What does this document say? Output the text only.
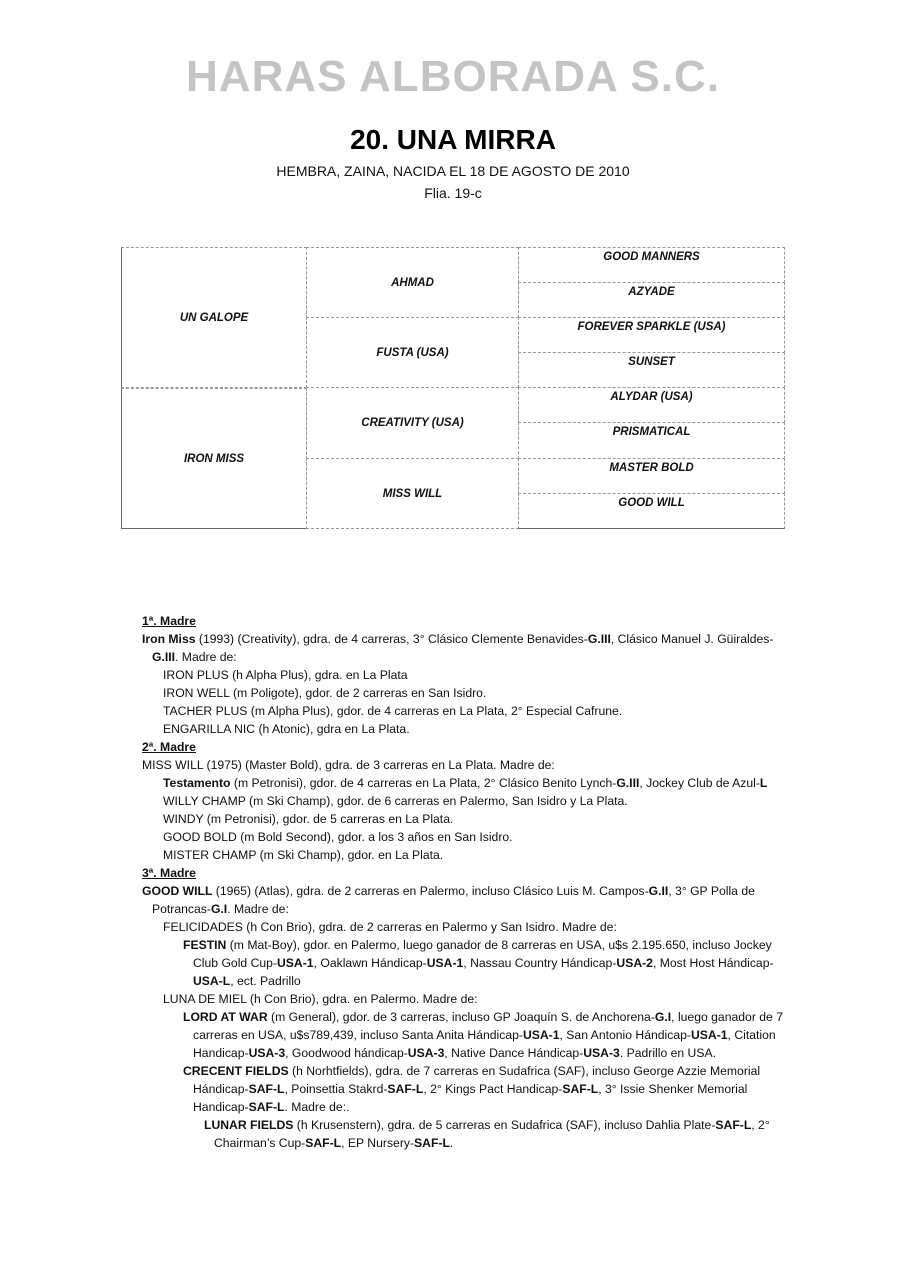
HARAS ALBORADA S.C.
20. UNA MIRRA
HEMBRA, ZAINA, NACIDA EL 18 DE AGOSTO DE 2010
Flia. 19-c
UN GALOPE
IRON MISS
AHMAD
FUSTA (USA)
CREATIVITY (USA)
MISS WILL
GOOD MANNERS
AZYADE
FOREVER SPARKLE (USA)
SUNSET
ALYDAR (USA)
PRISMATICAL
MASTER BOLD
GOOD WILL

1ª. Madre

Iron Miss (1993) (Creativity), gdra. de 4 carreras, 3° Clásico Clemente Benavides-G.III, Clásico Manuel J. Güiraldes-G.III. Madre de:

IRON PLUS (h Alpha Plus), gdra. en La Plata

IRON WELL (m Poligote), gdor. de 2 carreras en San Isidro.

TACHER PLUS (m Alpha Plus), gdor. de 4 carreras en La Plata, 2° Especial Cafrune.

ENGARILLA NIC (h Atonic), gdra en La Plata.

2ª. Madre

MISS WILL (1975) (Master Bold), gdra. de 3 carreras en La Plata. Madre de:

Testamento (m Petronisi), gdor. de 4 carreras en La Plata, 2° Clásico Benito Lynch-G.III, Jockey Club de Azul-L

WILLY CHAMP (m Ski Champ), gdor. de 6 carreras en Palermo, San Isidro y La Plata.

WINDY (m Petronisi), gdor. de 5 carreras en La Plata.

GOOD BOLD (m Bold Second), gdor. a los 3 años en San Isidro.

MISTER CHAMP (m Ski Champ), gdor. en La Plata.

3ª. Madre

GOOD WILL (1965) (Atlas), gdra. de 2 carreras en Palermo, incluso Clásico Luis M. Campos-G.II, 3° GP Polla de Potrancas-G.I. Madre de:

FELICIDADES (h Con Brio), gdra. de 2 carreras en Palermo y San Isidro. Madre de:

FESTIN (m Mat-Boy), gdor. en Palermo, luego ganador de 8 carreras en USA, u$s 2.195.650, incluso Jockey Club Gold Cup-USA-1, Oaklawn Hándicap-USA-1, Nassau Country Hándicap-USA-2, Most Host Hándicap-USA-L, ect. Padrillo

LUNA DE MIEL (h Con Brio), gdra. en Palermo. Madre de:

LORD AT WAR (m General), gdor. de 3 carreras, incluso GP Joaquín S. de Anchorena-G.I, luego ganador de 7 carreras en USA, u$s789,439, incluso Santa Anita Hándicap-USA-1, San Antonio Hándicap-USA-1, Citation Handicap-USA-3, Goodwood hándicap-USA-3, Native Dance Hándicap-USA-3. Padrillo en USA.

CRECENT FIELDS (h Norhtfields), gdra. de 7 carreras en Sudafrica (SAF), incluso George Azzie Memorial Hándicap-SAF-L, Poinsettia Stakrd-SAF-L, 2° Kings Pact Handicap-SAF-L, 3° Issie Shenker Memorial Handicap-SAF-L. Madre de:.

LUNAR FIELDS (h Krusenstern), gdra. de 5 carreras en Sudafrica (SAF), incluso Dahlia Plate-SAF-L, 2° Chairman’s Cup-SAF-L, EP Nursery-SAF-L.
